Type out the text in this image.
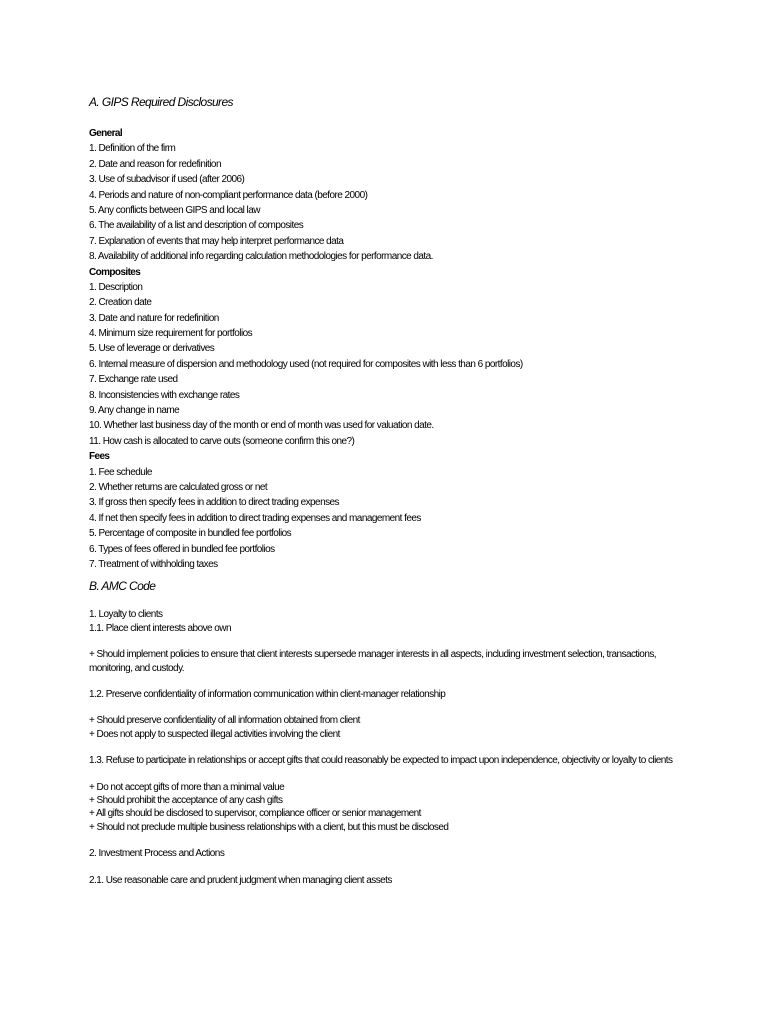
A. GIPS Required Disclosures
General
1. Definition of the firm
2. Date and reason for redefinition
3. Use of subadvisor if used (after 2006)
4. Periods and nature of non-compliant performance data (before 2000)
5. Any conflicts between GIPS and local law
6. The availability of a list and description of composites
7. Explanation of events that may help interpret performance data
8. Availability of additional info regarding calculation methodologies for performance data.
Composites
1. Description
2. Creation date
3. Date and nature for redefinition
4. Minimum size requirement for portfolios
5. Use of leverage or derivatives
6. Internal measure of dispersion and methodology used (not required for composites with less than 6 portfolios)
7. Exchange rate used
8. Inconsistencies with exchange rates
9. Any change in name
10. Whether last business day of the month or end of month was used for valuation date.
11. How cash is allocated to carve outs (someone confirm this one?)
Fees
1. Fee schedule
2. Whether returns are calculated gross or net
3. If gross then specify fees in addition to direct trading expenses
4. If net then specify fees in addition to direct trading expenses and management fees
5. Percentage of composite in bundled fee portfolios
6. Types of fees offered in bundled fee portfolios
7. Treatment of withholding taxes
B. AMC Code
1. Loyalty to clients
1.1. Place client interests above own
+ Should implement policies to ensure that client interests supersede manager interests in all aspects, including investment selection, transactions, monitoring, and custody.
1.2. Preserve confidentiality of information communication within client-manager relationship
+ Should preserve confidentiality of all information obtained from client
+ Does not apply to suspected illegal activities involving the client
1.3. Refuse to participate in relationships or accept gifts that could reasonably be expected to impact upon independence, objectivity or loyalty to clients
+ Do not accept gifts of more than a minimal value
+ Should prohibit the acceptance of any cash gifts
+ All gifts should be disclosed to supervisor, compliance officer or senior management
+ Should not preclude multiple business relationships with a client, but this must be disclosed
2. Investment Process and Actions
2.1. Use reasonable care and prudent judgment when managing client assets
